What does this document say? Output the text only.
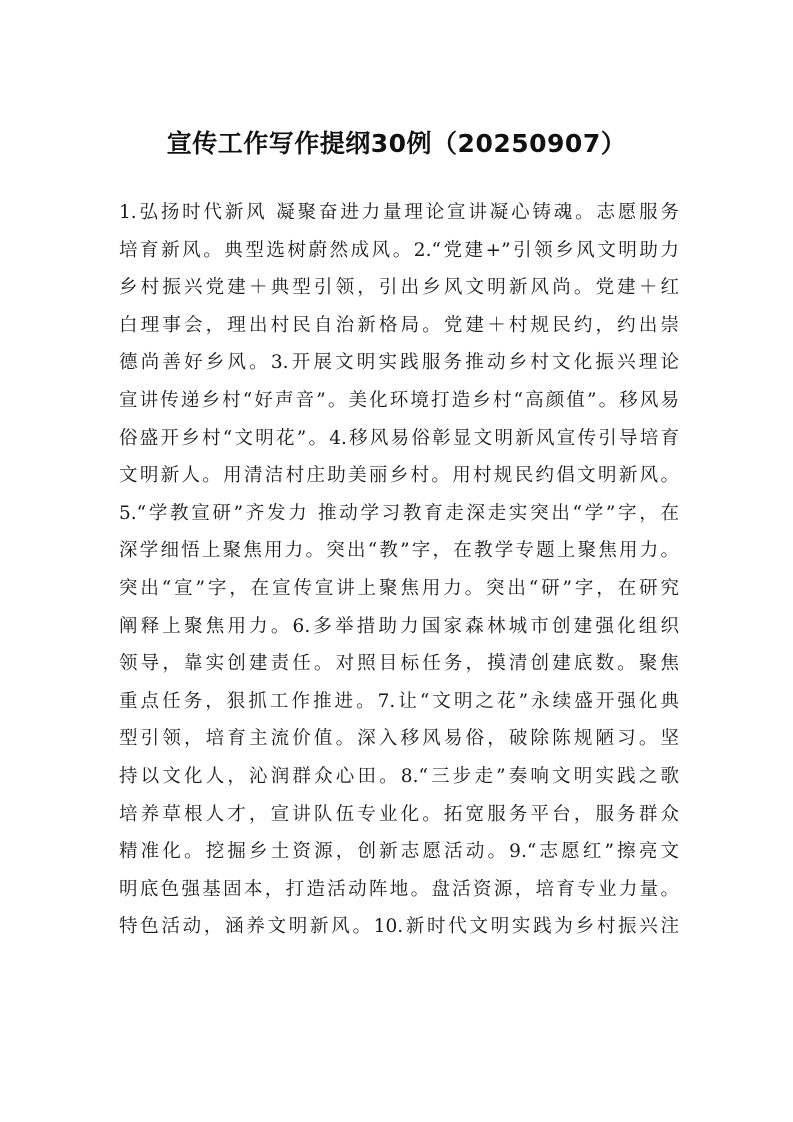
宣传工作写作提纲30例（20250907）
1.弘扬时代新风 凝聚奋进力量理论宣讲凝心铸魂。志愿服务
培育新风。典型选树蔚然成风。2.“党建+”引领乡风文明助力
乡村振兴党建＋典型引领，引出乡风文明新风尚。党建＋红
白理事会，理出村民自治新格局。党建＋村规民约，约出崇
德尚善好乡风。3.开展文明实践服务推动乡村文化振兴理论
宣讲传递乡村“好声音”。美化环境打造乡村“高颜值”。移风易
俗盛开乡村“文明花”。4.移风易俗彰显文明新风宣传引导培育
文明新人。用清洁村庄助美丽乡村。用村规民约倡文明新风。
5.“学教宣研”齐发力 推动学习教育走深走实突出“学”字，在
深学细悟上聚焦用力。突出“教”字，在教学专题上聚焦用力。
突出“宣”字，在宣传宣讲上聚焦用力。突出“研”字，在研究
阐释上聚焦用力。6.多举措助力国家森林城市创建强化组织
领导，靠实创建责任。对照目标任务，摸清创建底数。聚焦
重点任务，狠抓工作推进。7.让“文明之花”永续盛开强化典
型引领，培育主流价值。深入移风易俗，破除陈规陋习。坚
持以文化人，沁润群众心田。8.“三步走”奏响文明实践之歌
培养草根人才，宣讲队伍专业化。拓宽服务平台，服务群众
精准化。挖掘乡土资源，创新志愿活动。9.“志愿红”擦亮文
明底色强基固本，打造活动阵地。盘活资源，培育专业力量。
特色活动，涵养文明新风。10.新时代文明实践为乡村振兴注
